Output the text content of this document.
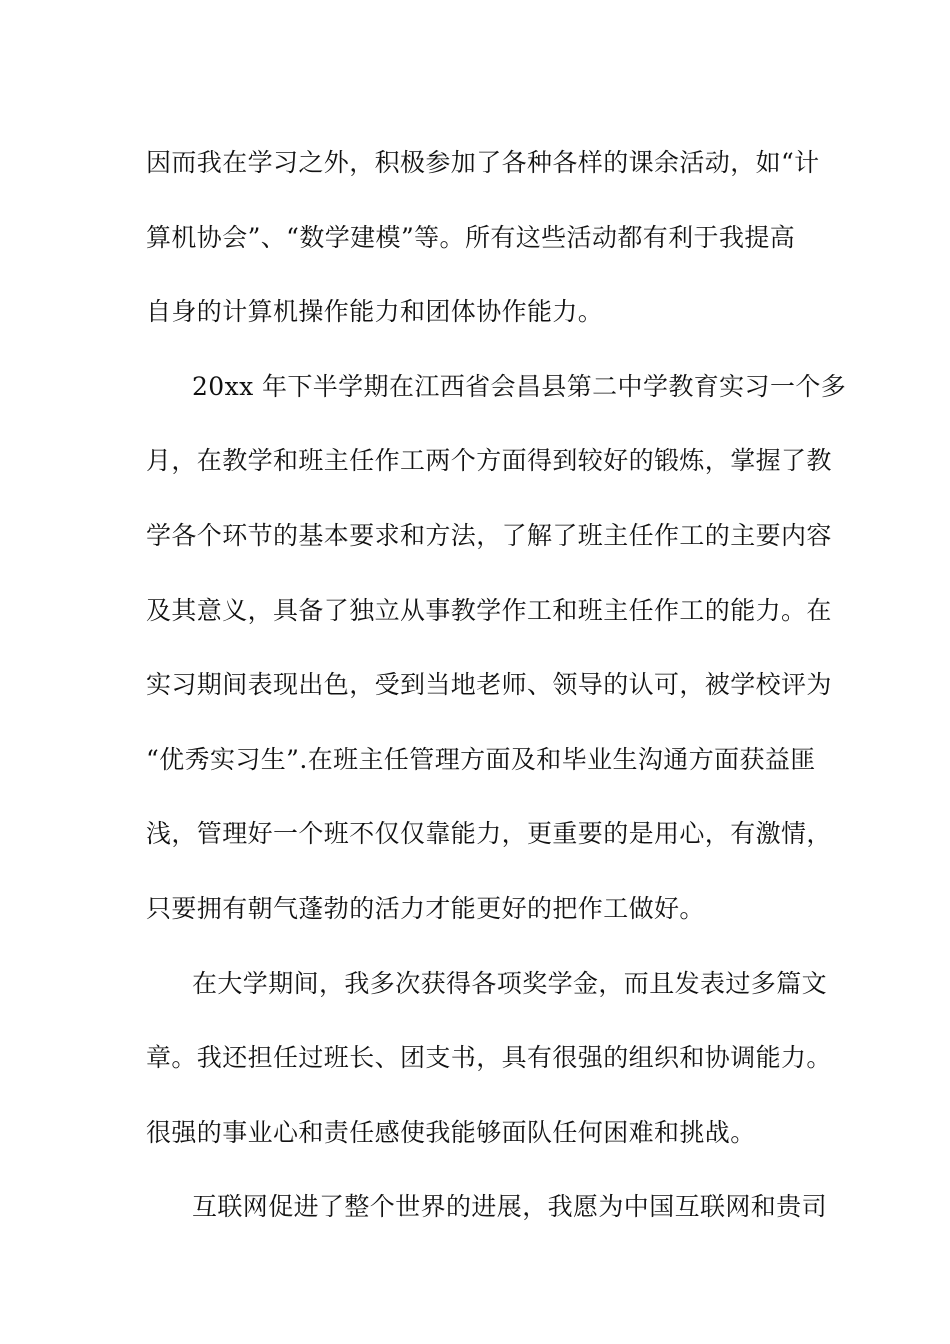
因而我在学习之外，积极参加了各种各样的课余活动，如“计
算机协会”、“数学建模”等。所有这些活动都有利于我提高
自身的计算机操作能力和团体协作能力。

20xx 年下半学期在江西省会昌县第二中学教育实习一个多
月，在教学和班主任作工两个方面得到较好的锻炼，掌握了教
学各个环节的基本要求和方法，了解了班主任作工的主要内容
及其意义，具备了独立从事教学作工和班主任作工的能力。在
实习期间表现出色，受到当地老师、领导的认可，被学校评为
“优秀实习生”.在班主任管理方面及和毕业生沟通方面获益匪
浅，管理好一个班不仅仅靠能力，更重要的是用心，有激情，
只要拥有朝气蓬勃的活力才能更好的把作工做好。

在大学期间，我多次获得各项奖学金，而且发表过多篇文
章。我还担任过班长、团支书，具有很强的组织和协调能力。
很强的事业心和责任感使我能够面队任何困难和挑战。

互联网促进了整个世界的进展，我愿为中国互联网和贵司
